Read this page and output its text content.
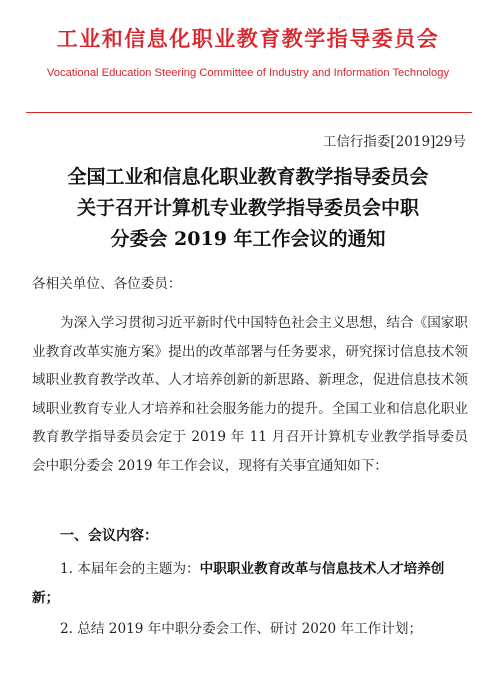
工业和信息化职业教育教学指导委员会
Vocational Education Steering Committee of Industry and Information Technology
工信行指委[2019]29号
全国工业和信息化职业教育教学指导委员会
关于召开计算机专业教学指导委员会中职
分委会 2019 年工作会议的通知
各相关单位、各位委员：
为深入学习贯彻习近平新时代中国特色社会主义思想，结合《国家职业教育改革实施方案》提出的改革部署与任务要求，研究探讨信息技术领域职业教育教学改革、人才培养创新的新思路、新理念，促进信息技术领域职业教育专业人才培养和社会服务能力的提升。全国工业和信息化职业教育教学指导委员会定于 2019 年 11 月召开计算机专业教学指导委员会中职分委会 2019 年工作会议，现将有关事宜通知如下：
一、会议内容：
1. 本届年会的主题为：中职职业教育改革与信息技术人才培养创新；
2. 总结 2019 年中职分委会工作、研讨 2020 年工作计划；
